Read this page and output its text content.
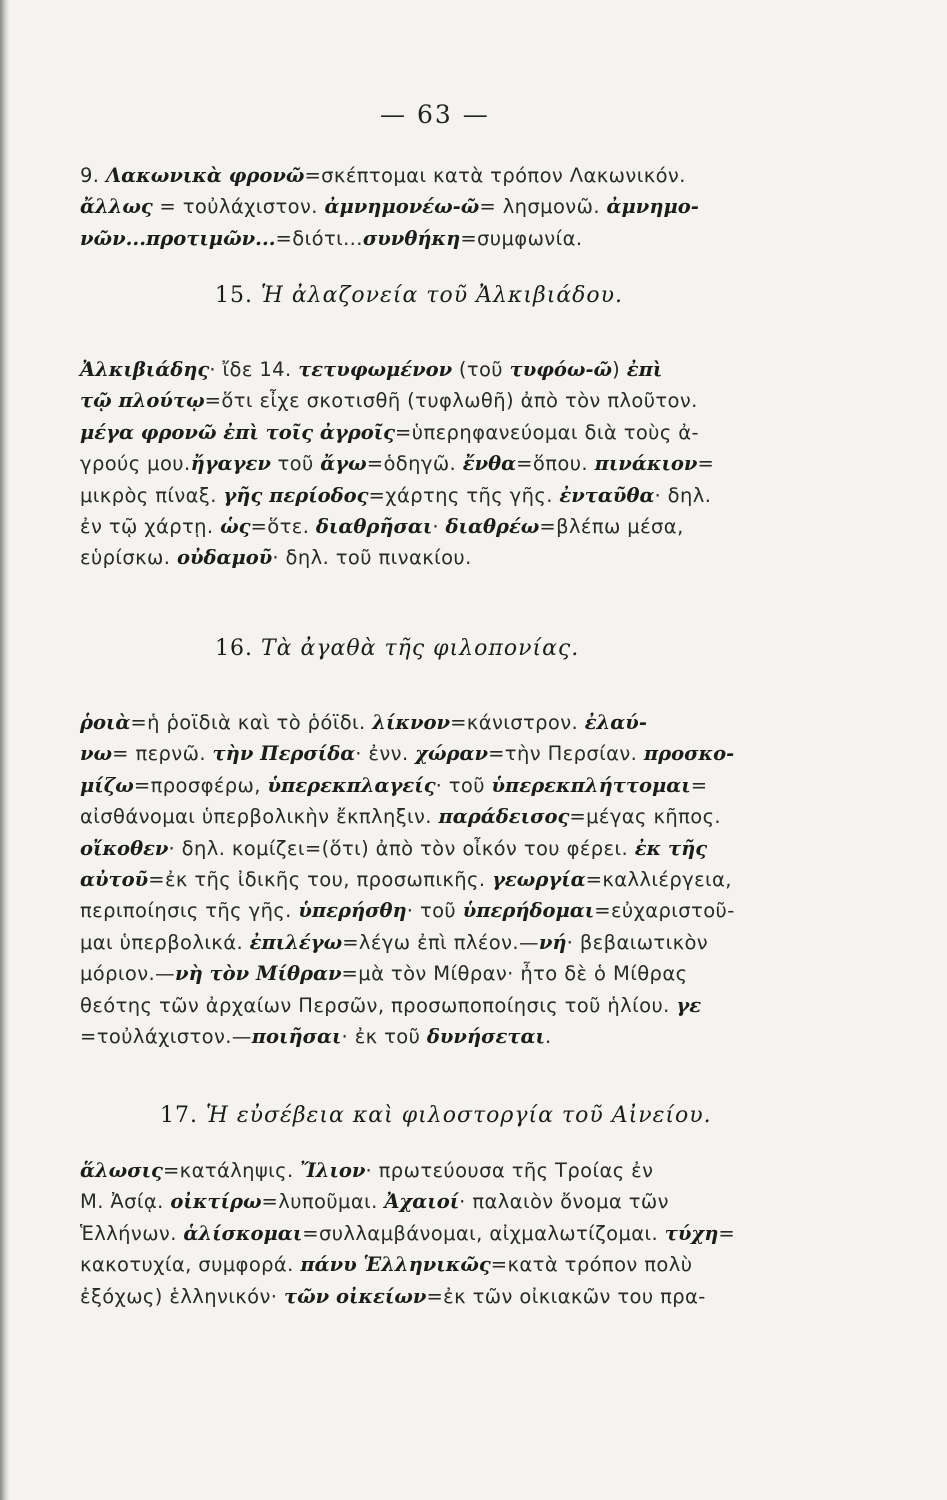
— 63 —

9. Λακωνικὰ φρονῶ=σκέπτομαι κατὰ τρόπον Λακωνικόν.

ἄλλως = τοὐλάχιστον. ἀμνημονέω-ῶ= λησμονῶ. ἀμνημο-

νῶν...προτιμῶν...=διότι...συνθήκη=συμφωνία.

15. Ἡ ἀλαζονεία τοῦ Ἀλκιβιάδου.

Ἀλκιβιάδης· ἴδε 14. τετυφωμένον (τοῦ τυφόω-ῶ) ἐπὶ

τῷ πλούτῳ=ὅτι εἶχε σκοτισθῆ (τυφλωθῆ) ἀπὸ τὸν πλοῦτον.

μέγα φρονῶ ἐπὶ τοῖς ἀγροῖς=ὑπερηφανεύομαι διὰ τοὺς ἀ-

γρούς μου.ἤγαγεν τοῦ ἄγω=ὁδηγῶ. ἔνθα=ὅπου. πινάκιον=

μικρὸς πίναξ. γῆς περίοδος=χάρτης τῆς γῆς. ἐνταῦθα· δηλ.

ἐν τῷ χάρτῃ. ὡς=ὅτε. διαθρῆσαι· διαθρέω=βλέπω μέσα,

εὑρίσκω. οὐδαμοῦ· δηλ. τοῦ πινακίου.

16. Τὰ ἀγαθὰ τῆς φιλοπονίας.

ῥοιὰ=ἡ ῥοϊδιὰ καὶ τὸ ῥόϊδι. λίκνον=κάνιστρον. ἐλαύ-

νω= περνῶ. τὴν Περσίδα· ἐνν. χώραν=τὴν Περσίαν. προσκο-

μίζω=προσφέρω, ὑπερεκπλαγείς· τοῦ ὑπερεκπλήττομαι=

αἰσθάνομαι ὑπερβολικὴν ἔκπληξιν. παράδεισος=μέγας κῆπος.

οἴκοθεν· δηλ. κομίζει=(ὅτι) ἀπὸ τὸν οἶκόν του φέρει. ἐκ τῆς

αὐτοῦ=ἐκ τῆς ἰδικῆς του, προσωπικῆς. γεωργία=καλλιέργεια,

περιποίησις τῆς γῆς. ὑπερήσθη· τοῦ ὑπερήδομαι=εὐχαριστοῦ-

μαι ὑπερβολικά. ἐπιλέγω=λέγω ἐπὶ πλέον.—νή· βεβαιωτικὸν

μόριον.—νὴ τὸν Μίθραν=μὰ τὸν Μίθραν· ἦτο δὲ ὁ Μίθρας

θεότης τῶν ἀρχαίων Περσῶν, προσωποποίησις τοῦ ἡλίου. γε

=τοὐλάχιστον.—ποιῆσαι· ἐκ τοῦ δυνήσεται.

17. Ἡ εὐσέβεια καὶ φιλοστοργία τοῦ Αἰνείου.

ἅλωσις=κατάληψις. Ἴλιον· πρωτεύουσα τῆς Τροίας ἐν

Μ. Ἀσίᾳ. οἰκτίρω=λυποῦμαι. Ἀχαιοί· παλαιὸν ὄνομα τῶν

Ἑλλήνων. ἁλίσκομαι=συλλαμβάνομαι, αἰχμαλωτίζομαι. τύχη=

κακοτυχία, συμφορά. πάνυ Ἑλληνικῶς=κατὰ τρόπον πολὺ

ἐξόχως) ἑλληνικόν· τῶν οἰκείων=ἐκ τῶν οἰκιακῶν του πρα-
